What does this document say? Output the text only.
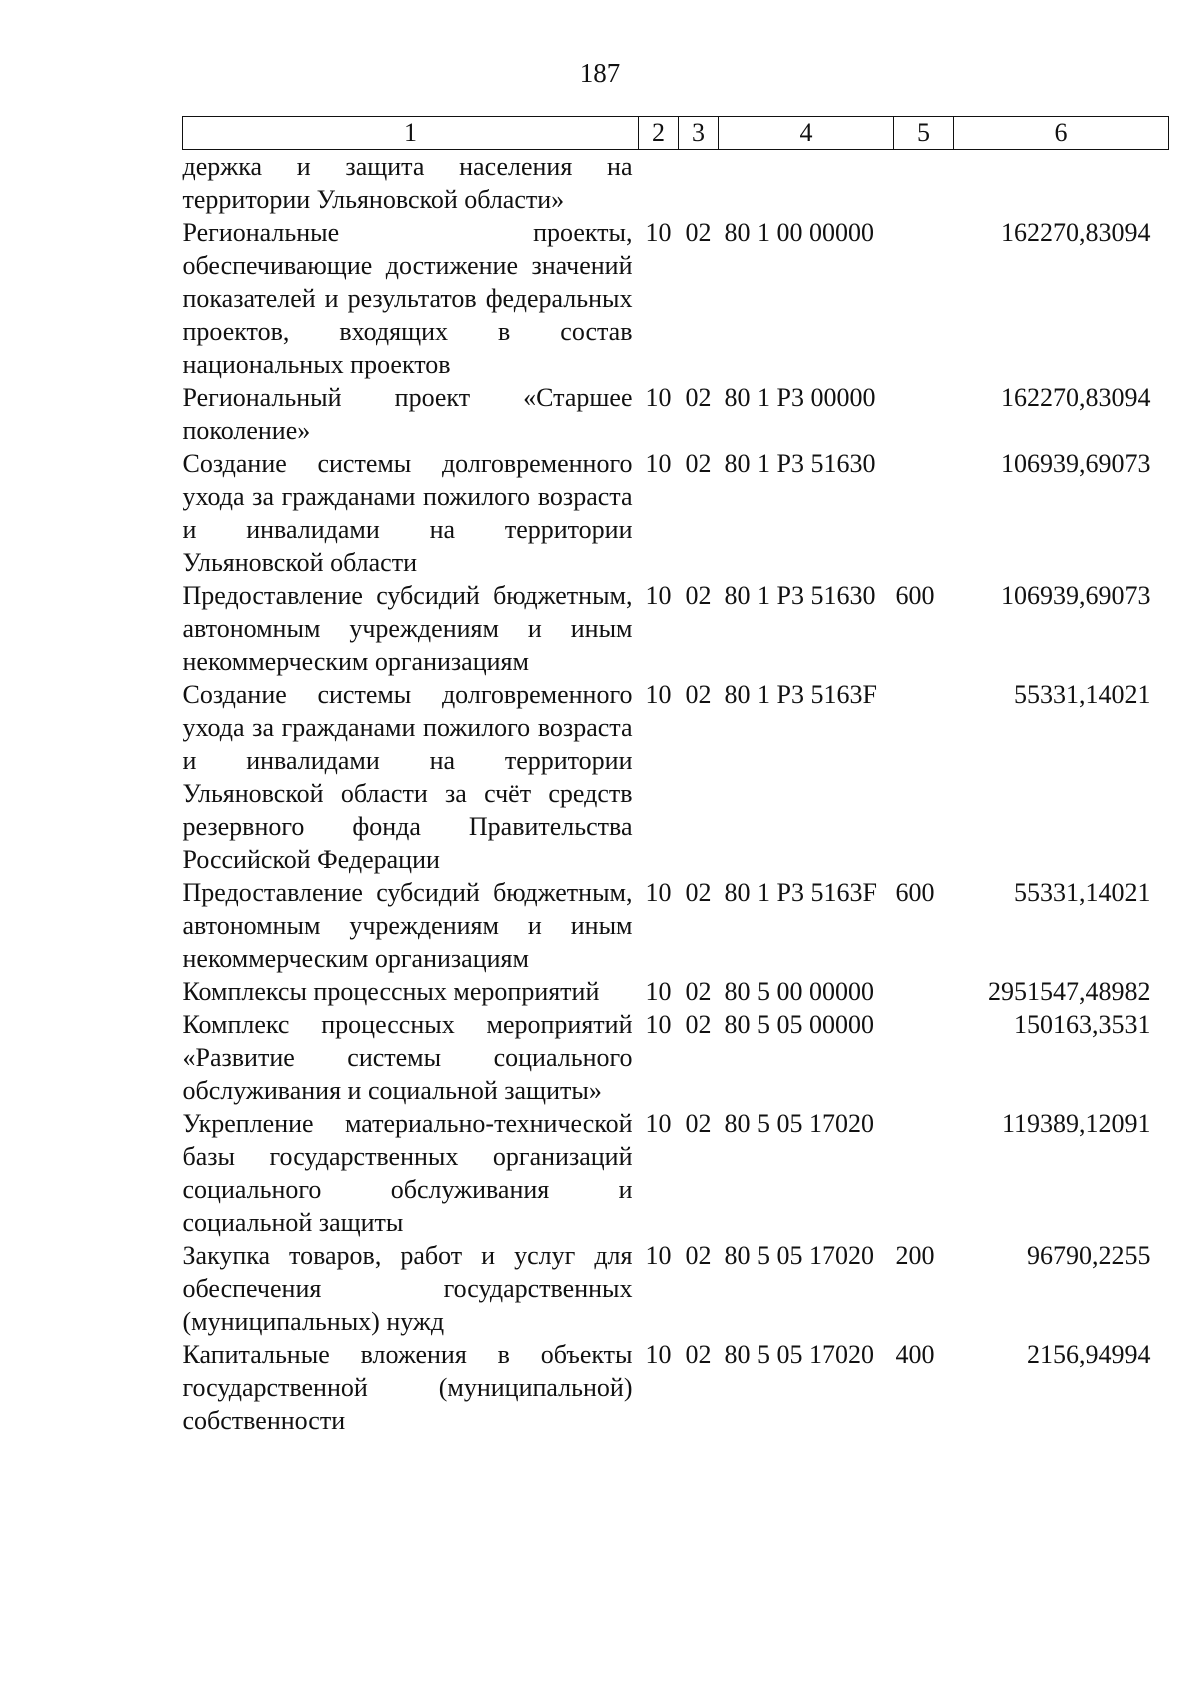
187
1	2	3	4	5	6
держка и защита населения на территории Ульяновской области»					
Региональные проекты, обеспечивающие достижение значений показателей и результатов федеральных проектов, входящих в состав национальных проектов	10	02	80 1 00 00000		162270,83094
Региональный проект «Старшее поколение»	10	02	80 1 Р3 00000		162270,83094
Создание системы долговременного ухода за гражданами пожилого возраста и инвалидами на территории Ульяновской области	10	02	80 1 Р3 51630		106939,69073
Предоставление субсидий бюджетным, автономным учреждениям и иным некоммерческим организациям	10	02	80 1 Р3 51630	600	106939,69073
Создание системы долговременного ухода за гражданами пожилого возраста и инвалидами на территории Ульяновской области за счёт средств резервного фонда Правительства Российской Федерации	10	02	80 1 Р3 5163F		55331,14021
Предоставление субсидий бюджетным, автономным учреждениям и иным некоммерческим организациям	10	02	80 1 Р3 5163F	600	55331,14021
Комплексы процессных мероприятий	10	02	80 5 00 00000		2951547,48982
Комплекс процессных мероприятий «Развитие системы социального обслуживания и социальной защиты»	10	02	80 5 05 00000		150163,3531
Укрепление материально-технической базы государственных организаций социального обслуживания и социальной защиты	10	02	80 5 05 17020		119389,12091
Закупка товаров, работ и услуг для обеспечения государственных (муниципальных) нужд	10	02	80 5 05 17020	200	96790,2255
Капитальные вложения в объекты государственной (муниципальной) собственности	10	02	80 5 05 17020	400	2156,94994
